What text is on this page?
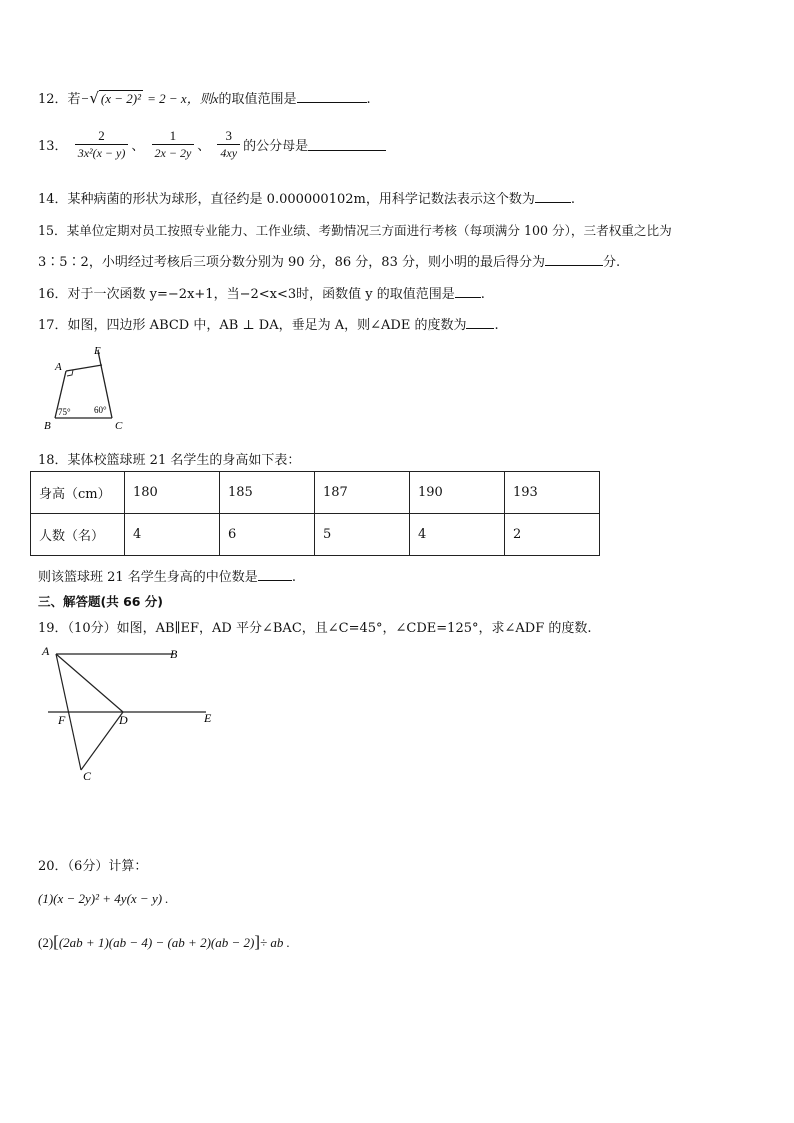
12．若−√ (x − 2)² = 2 − x，则x的取值范围是	.
13． $\frac{2}{\text{3x²(x − y)}}$ 、 $\frac{1}{2x - 2y}$ 、 $\frac{3}{4xy}$ 的公分母是
14．某种病菌的形状为球形，直径约是 0.000000102m，用科学记数法表示这个数为	.
15．某单位定期对员工按照专业能力、工作业绩、考勤情况三方面进行考核（每项满分 100 分），三者权重之比为
3∶5∶2，小明经过考核后三项分数分别为 90 分，86 分，83 分，则小明的最后得分为	分.
16．对于一次函数 y=−2x+1，当−2<x<3时，函数值 y 的取值范围是 .
17．如图，四边形 ABCD 中，AB ⊥ DA，垂足为 A，则∠ADE 的度数为 .
A
E
B	C
75°	60°
18．某体校篮球班 21 名学生的身高如下表：
身高（cm）	180	185	187	190	193
人数（名）	4	6	5	4	2
则该篮球班 21 名学生身高的中位数是	.
三、解答题(共 66 分)
19．（10分）如图，AB∥EF，AD 平分∠BAC，且∠C=45°，∠CDE=125°，求∠ADF 的度数.
A	B
F	D	E
C
20．（6分）计算：
(1)(x − 2y)² + 4y(x − y) .
(2)[(2ab + 1)(ab − 4) − (ab + 2)(ab − 2)]÷ ab .
